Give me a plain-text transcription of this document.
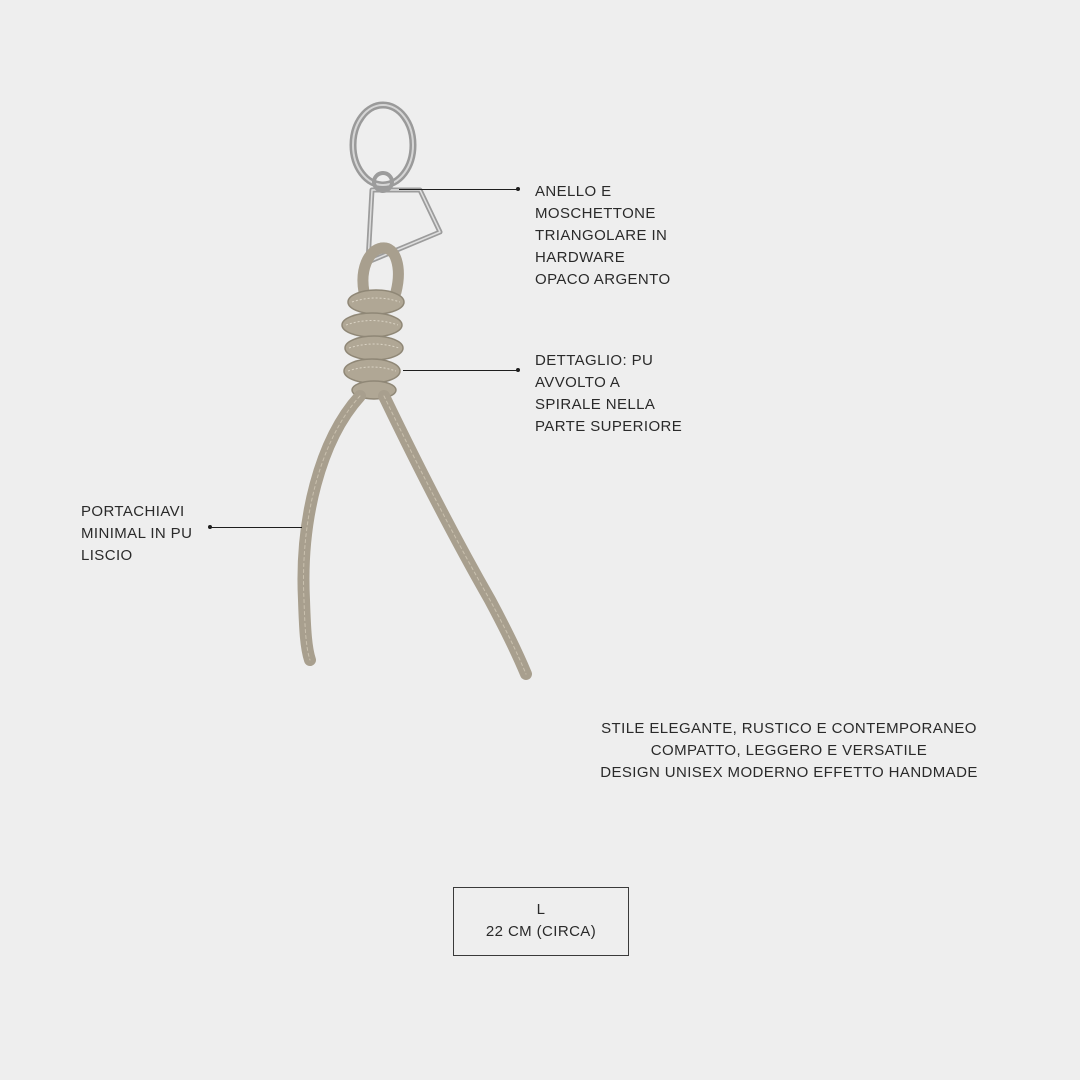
ANELLO E
MOSCHETTONE
TRIANGOLARE IN
HARDWARE
OPACO ARGENTO
DETTAGLIO: PU
AVVOLTO A
SPIRALE NELLA
PARTE SUPERIORE
PORTACHIAVI
MINIMAL IN PU
LISCIO
STILE ELEGANTE, RUSTICO E CONTEMPORANEO
COMPATTO, LEGGERO E VERSATILE
DESIGN UNISEX MODERNO EFFETTO HANDMADE
L
22 CM (CIRCA)
